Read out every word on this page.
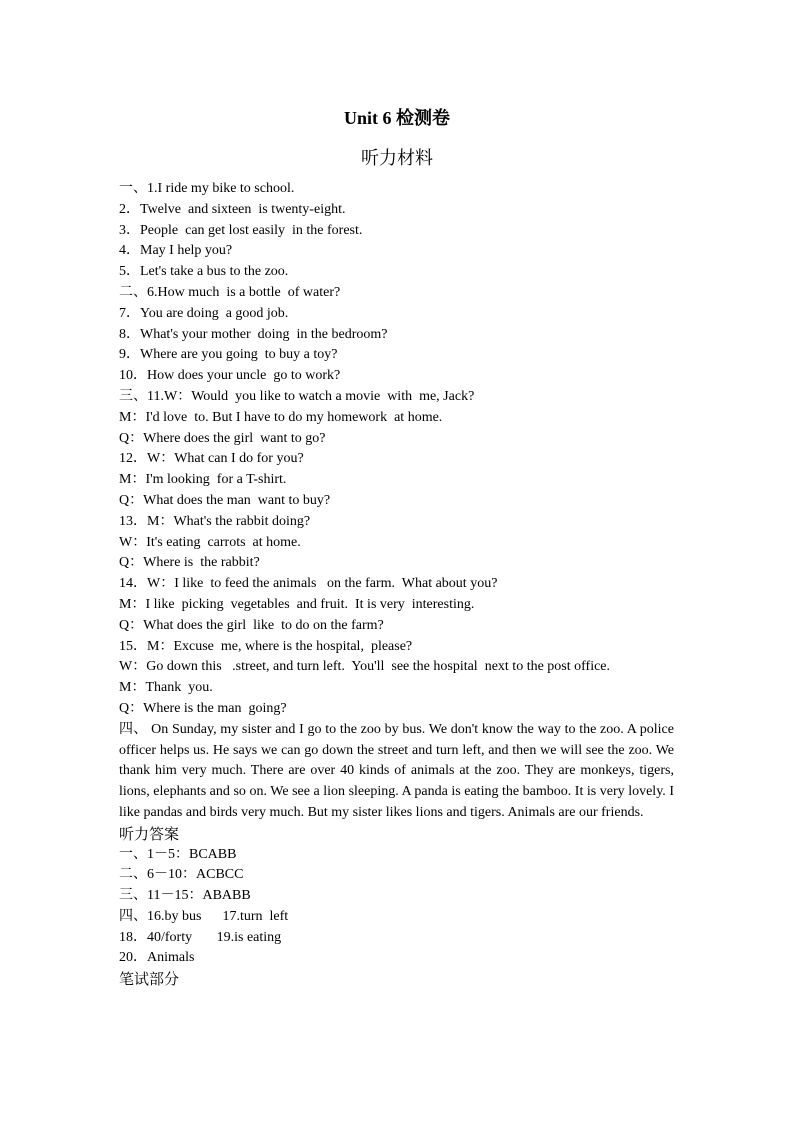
Unit 6 检测卷
听力材料
一、1.I ride my bike to school.
2．Twelve  and sixteen  is twenty-eight.
3．People  can get lost easily  in the forest.
4．May I help you?
5．Let's take a bus to the zoo.
二、6.How much  is a bottle  of water?
7．You are doing  a good job.
8．What's your mother  doing  in the bedroom?
9．Where are you going  to buy a toy?
10．How does your uncle  go to work?
三、11.W：Would  you like to watch a movie  with  me, Jack?
M：I'd love  to. But I have to do my homework  at home.
Q：Where does the girl  want to go?
12．W：What can I do for you?
M：I'm looking  for a T-shirt.
Q：What does the man  want to buy?
13．M：What's the rabbit doing?
W：It's eating  carrots  at home.
Q：Where is  the rabbit?
14．W：I like  to feed the animals   on the farm.  What about you?
M：I like  picking  vegetables  and fruit.  It is very  interesting.
Q：What does the girl  like  to do on the farm?
15．M：Excuse  me, where is the hospital,  please?
W：Go down this   .street, and turn left.  You'll  see the hospital  next to the post office.
M：Thank  you.
Q：Where is the man  going?
四、 On Sunday, my sister and I go to the zoo by bus. We don't know the way to the zoo. A police officer helps us. He says we can go down the street and turn left, and then we will see the zoo. We thank him very much. There are over 40 kinds of animals at the zoo. They are monkeys, tigers, lions, elephants and so on. We see a lion sleeping. A panda is eating the bamboo. It is very lovely. I like pandas and birds very much. But my sister likes lions and tigers. Animals are our friends.
听力答案
一、1－5：BCABB
二、6－10：ACBCC
三、11－15：ABABB
四、16.by bus      17.turn  left
18．40/forty       19.is eating
20．Animals
笔试部分
